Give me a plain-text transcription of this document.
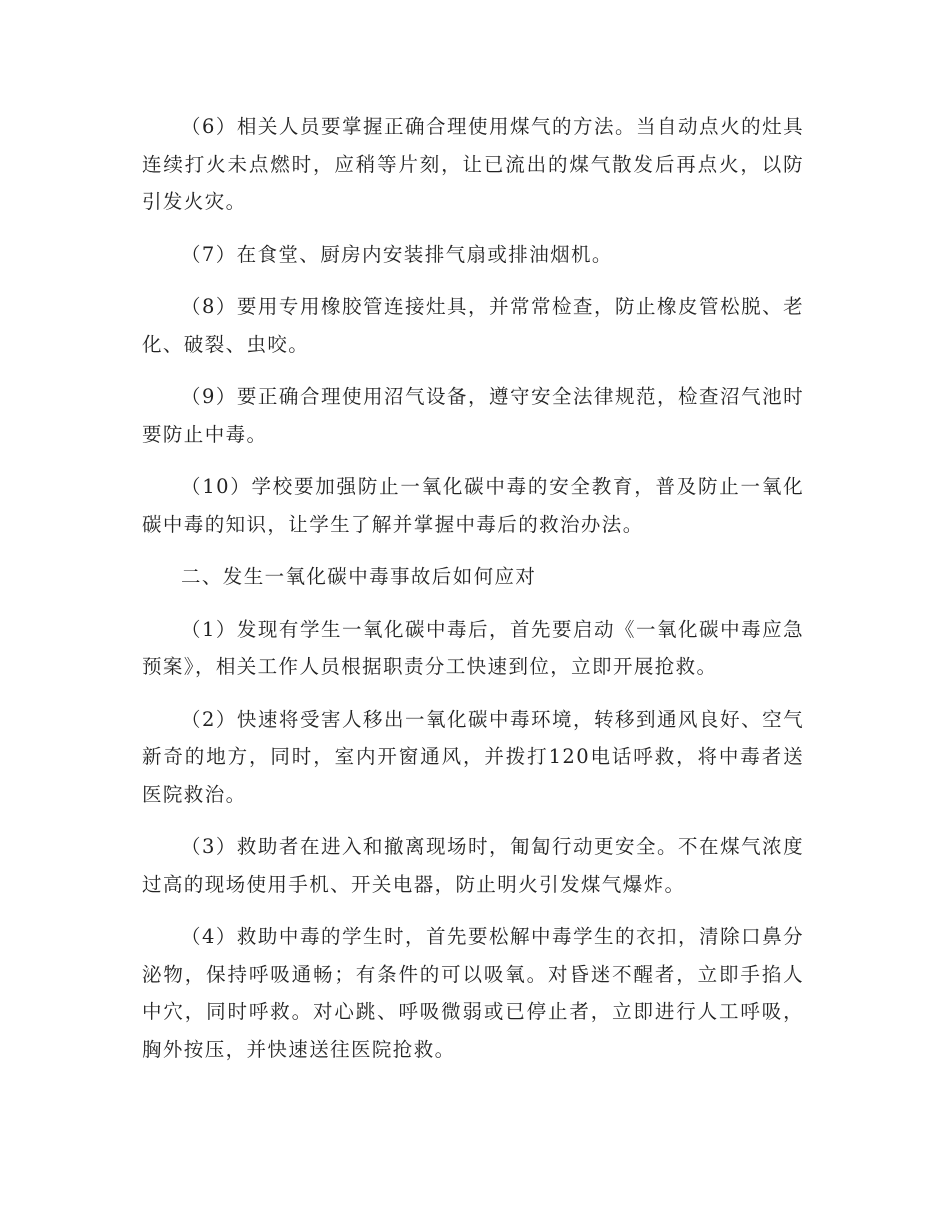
（6）相关人员要掌握正确合理使用煤气的方法。当自动点火的灶具连续打火未点燃时，应稍等片刻，让已流出的煤气散发后再点火，以防引发火灾。

（7）在食堂、厨房内安装排气扇或排油烟机。

（8）要用专用橡胶管连接灶具，并常常检查，防止橡皮管松脱、老化、破裂、虫咬。

（9）要正确合理使用沼气设备，遵守安全法律规范，检查沼气池时要防止中毒。

（10）学校要加强防止一氧化碳中毒的安全教育，普及防止一氧化碳中毒的知识，让学生了解并掌握中毒后的救治办法。

二、发生一氧化碳中毒事故后如何应对

（1）发现有学生一氧化碳中毒后，首先要启动《一氧化碳中毒应急预案》，相关工作人员根据职责分工快速到位，立即开展抢救。

（2）快速将受害人移出一氧化碳中毒环境，转移到通风良好、空气新奇的地方，同时，室内开窗通风，并拨打120电话呼救，将中毒者送医院救治。

（3）救助者在进入和撤离现场时，匍匐行动更安全。不在煤气浓度过高的现场使用手机、开关电器，防止明火引发煤气爆炸。

（4）救助中毒的学生时，首先要松解中毒学生的衣扣，清除口鼻分泌物，保持呼吸通畅；有条件的可以吸氧。对昏迷不醒者，立即手掐人中穴，同时呼救。对心跳、呼吸微弱或已停止者，立即进行人工呼吸，胸外按压，并快速送往医院抢救。
